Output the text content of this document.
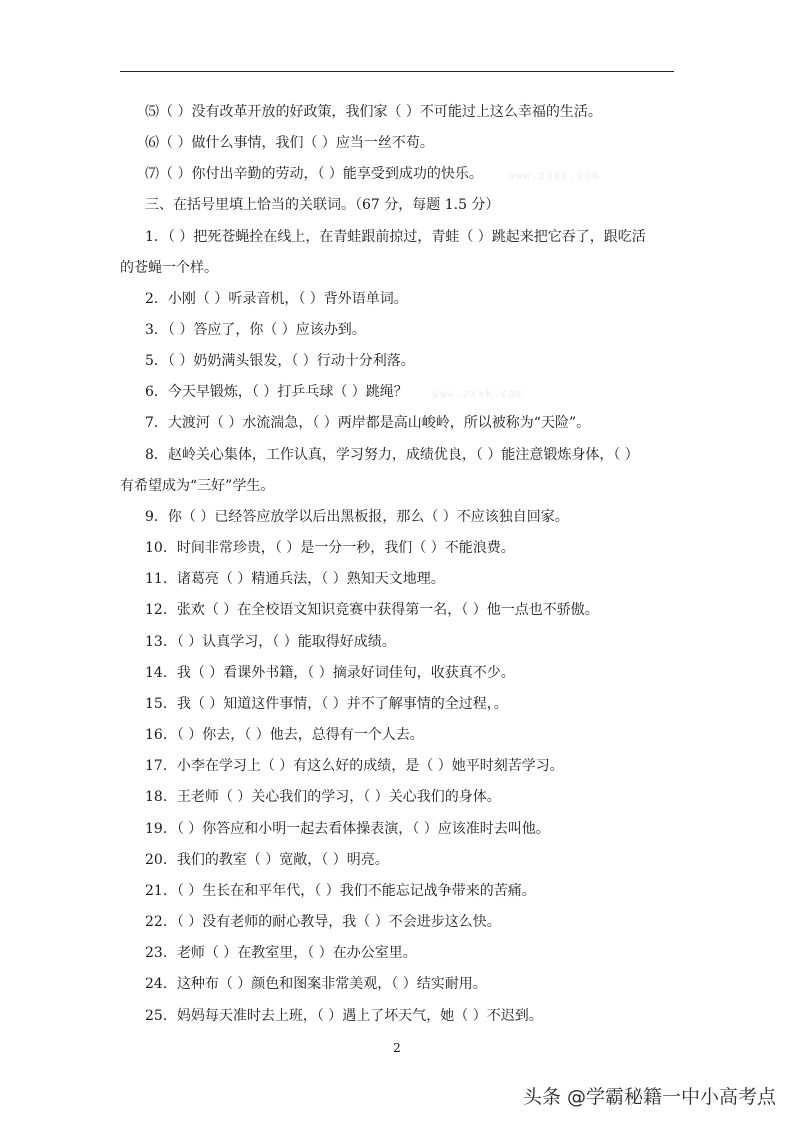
⑸（ ）没有改革开放的好政策，我们家（ ）不可能过上这么幸福的生活。
⑹（ ）做什么事情，我们（ ）应当一丝不苟。
⑺（ ）你付出辛勤的劳动，（ ）能享受到成功的快乐。
三、在括号里填上恰当的关联词。（67 分，每题 1.5 分）
1．（ ）把死苍蝇拴在线上，在青蛙跟前掠过，青蛙（ ）跳起来把它吞了，跟吃活
的苍蝇一个样。
2．小刚（ ）听录音机，（ ）背外语单词。
3．（ ）答应了，你（ ）应该办到。
5．（ ）奶奶满头银发，（ ）行动十分利落。
6．今天早锻炼，（ ）打乒乓球（ ）跳绳？
7．大渡河（ ）水流湍急，（ ）两岸都是高山峻岭，所以被称为“天险”。
8．赵岭关心集体，工作认真，学习努力，成绩优良，（ ）能注意锻炼身体，（ ）
有希望成为“三好”学生。
9．你（ ）已经答应放学以后出黑板报，那么（ ）不应该独自回家。
10．时间非常珍贵，（ ）是一分一秒，我们（ ）不能浪费。
11．诸葛亮（ ）精通兵法，（ ）熟知天文地理。
12．张欢（ ）在全校语文知识竞赛中获得第一名，（ ）他一点也不骄傲。
13．（ ）认真学习，（ ）能取得好成绩。
14．我（ ）看课外书籍，（ ）摘录好词佳句，收获真不少。
15．我（ ）知道这件事情，（ ）并不了解事情的全过程，。
16．（ ）你去，（ ）他去，总得有一个人去。
17．小李在学习上（ ）有这么好的成绩，是（ ）她平时刻苦学习。
18．王老师（ ）关心我们的学习，（ ）关心我们的身体。
19．（ ）你答应和小明一起去看体操表演，（ ）应该准时去叫他。
20．我们的教室（ ）宽敞，（ ）明亮。
21．（ ）生长在和平年代，（ ）我们不能忘记战争带来的苦痛。
22．（ ）没有老师的耐心教导，我（ ）不会进步这么快。
23．老师（ ）在教室里，（ ）在办公室里。
24．这种布（ ）颜色和图案非常美观，（ ）结实耐用。
25．妈妈每天准时去上班，（ ）遇上了坏天气，她（ ）不迟到。
www.zxxk.com
www.zxxk.com
2
头条 @学霸秘籍一中小高考点
